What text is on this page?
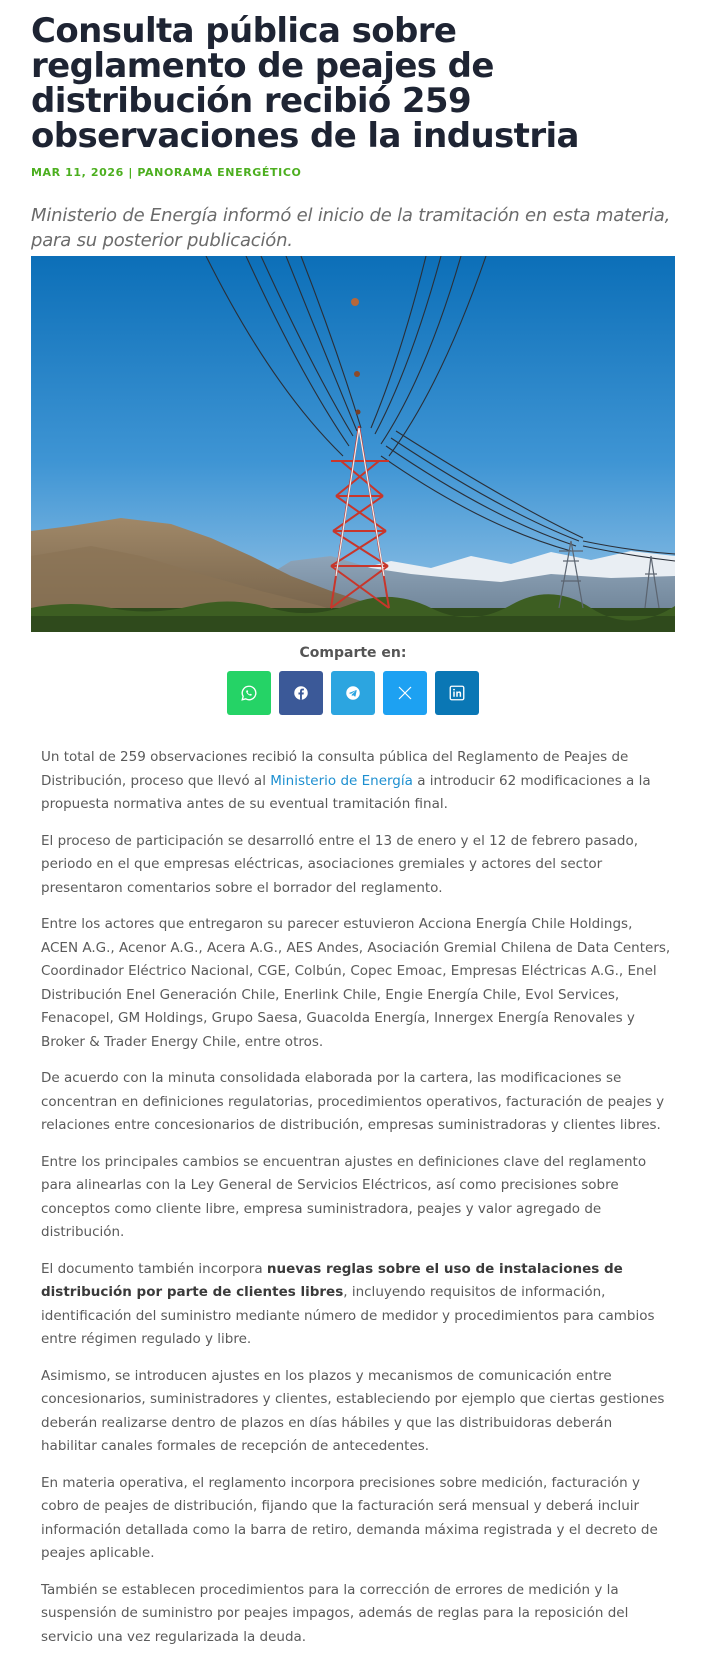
Consulta pública sobre reglamento de peajes de distribución recibió 259 observaciones de la industria
MAR 11, 2026 | PANORAMA ENERGÉTICO
Ministerio de Energía informó el inicio de la tramitación en esta materia, para su posterior publicación.
Comparte en:

Un total de 259 observaciones recibió la consulta pública del Reglamento de Peajes de Distribución, proceso que llevó al Ministerio de Energía a introducir 62 modificaciones a la propuesta normativa antes de su eventual tramitación final.

El proceso de participación se desarrolló entre el 13 de enero y el 12 de febrero pasado, periodo en el que empresas eléctricas, asociaciones gremiales y actores del sector presentaron comentarios sobre el borrador del reglamento.

Entre los actores que entregaron su parecer estuvieron Acciona Energía Chile Holdings, ACEN A.G., Acenor A.G., Acera A.G., AES Andes, Asociación Gremial Chilena de Data Centers, Coordinador Eléctrico Nacional, CGE, Colbún, Copec Emoac, Empresas Eléctricas A.G., Enel Distribución Enel Generación Chile, Enerlink Chile, Engie Energía Chile, Evol Services, Fenacopel, GM Holdings, Grupo Saesa, Guacolda Energía, Innergex Energía Renovales y Broker & Trader Energy Chile, entre otros.

De acuerdo con la minuta consolidada elaborada por la cartera, las modificaciones se concentran en definiciones regulatorias, procedimientos operativos, facturación de peajes y relaciones entre concesionarios de distribución, empresas suministradoras y clientes libres.

Entre los principales cambios se encuentran ajustes en definiciones clave del reglamento para alinearlas con la Ley General de Servicios Eléctricos, así como precisiones sobre conceptos como cliente libre, empresa suministradora, peajes y valor agregado de distribución.

El documento también incorpora nuevas reglas sobre el uso de instalaciones de distribución por parte de clientes libres, incluyendo requisitos de información, identificación del suministro mediante número de medidor y procedimientos para cambios entre régimen regulado y libre.

Asimismo, se introducen ajustes en los plazos y mecanismos de comunicación entre concesionarios, suministradores y clientes, estableciendo por ejemplo que ciertas gestiones deberán realizarse dentro de plazos en días hábiles y que las distribuidoras deberán habilitar canales formales de recepción de antecedentes.

En materia operativa, el reglamento incorpora precisiones sobre medición, facturación y cobro de peajes de distribución, fijando que la facturación será mensual y deberá incluir información detallada como la barra de retiro, demanda máxima registrada y el decreto de peajes aplicable.

También se establecen procedimientos para la corrección de errores de medición y la suspensión de suministro por peajes impagos, además de reglas para la reposición del servicio una vez regularizada la deuda.
